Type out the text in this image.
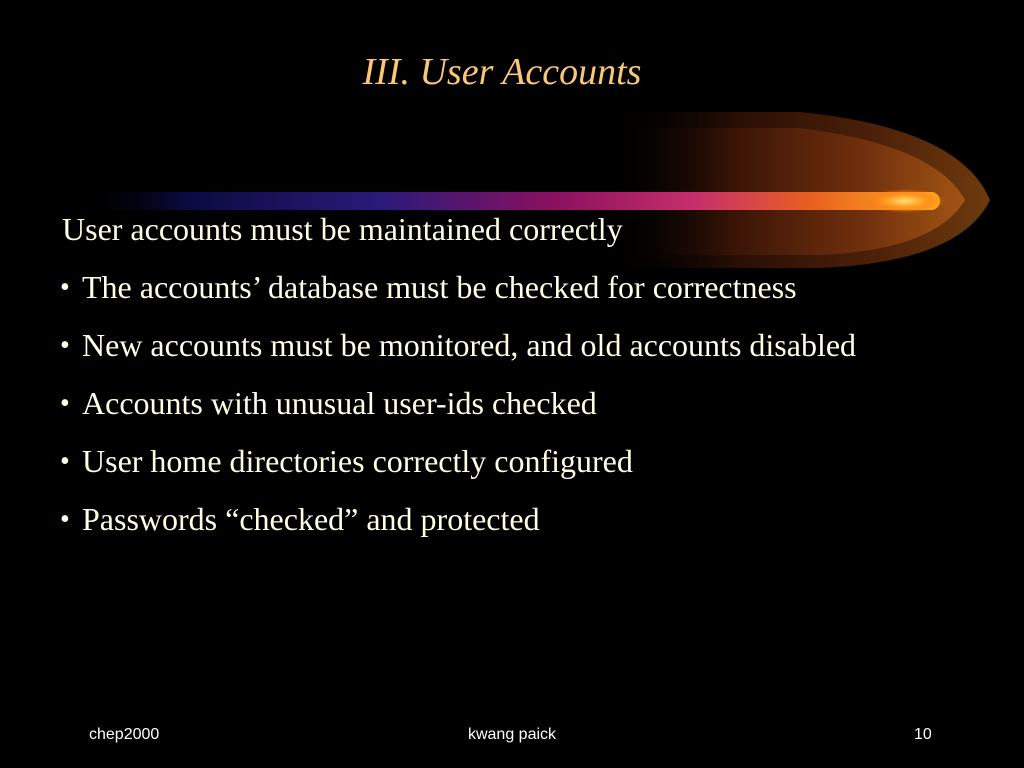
III. User Accounts

User accounts must be maintained correctly

• The accounts’ database must be checked for correctness
• New accounts must be monitored, and old accounts disabled
• Accounts with unusual user-ids checked
• User home directories correctly configured
• Passwords “checked” and protected
chep2000	kwang paick	10
